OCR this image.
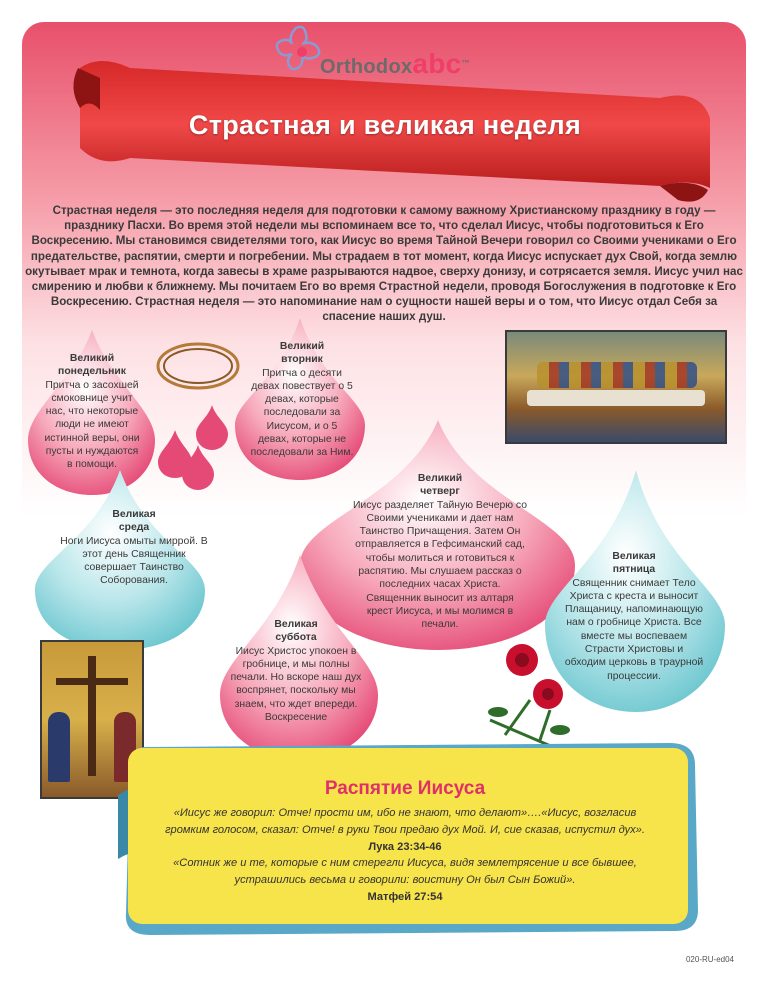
Orthodoxabc™
Страстная и великая неделя
Страстная неделя — это последняя неделя для подготовки к самому важному Христианскому празднику в году — празднику Пасхи. Во время этой недели мы вспоминаем все то, что сделал Иисус, чтобы подготовиться к Его Воскресению. Мы становимся свидетелями того, как Иисус во время Тайной Вечери говорил со Своими учениками о Его предательстве, распятии, смерти и погребении. Мы страдаем в тот момент, когда Иисус испускает дух Свой, когда землю окутывает мрак и темнота, когда завесы в храме разрываются надвое, сверху донизу, и сотрясается земля. Иисус учил нас смирению и любви к ближнему. Мы почитаем Его во время Страстной недели, проводя Богослужения в подготовке к Его Воскресению. Страстная неделя — это напоминание нам о сущности нашей веры и о том, что Иисус отдал Себя за спасение наших душ.
Великий понедельник
Притча о засохшей смоковнице учит нас, что некоторые люди не имеют истинной веры, они пусты и нуждаются в помощи.
Великий вторник
Притча о десяти девах повествует о 5 девах, которые последовали за Иисусом, и о 5 девах, которые не последовали за Ним.
Великая среда
Ноги Иисуса омыты миррой. В этот день Священник совершает Таинство Соборования.
Великий четверг
Иисус разделяет Тайную Вечерю со Своими учениками и дает нам Таинство Причащения. Затем Он отправляется в Гефсиманский сад, чтобы молиться и готовиться к распятию. Мы слушаем рассказ о последних часах Христа. Священник выносит из алтаря крест Иисуса, и мы молимся в печали.
Великая пятница
Священник снимает Тело Христа с креста и выносит Плащаницу, напоминающую нам о гробнице Христа. Все вместе мы воспеваем Страсти Христовы и обходим церковь в траурной процессии.
Великая суббота
Иисус Христос упокоен в гробнице, и мы полны печали. Но вскоре наш дух воспрянет, поскольку мы знаем, что ждет впереди. Воскресение
Распятие Иисуса
«Иисус же говорил: Отче! прости им, ибо не знают, что делают»….«Иисус, возгласив громким голосом, сказал: Отче! в руки Твои предаю дух Мой. И, сие сказав, испустил дух». Лука 23:34-46
«Сотник же и те, которые с ним стерегли Иисуса, видя землетрясение и все бывшее, устрашились весьма и говорили: воистину Он был Сын Божий».
Матфей 27:54
020-RU-ed04
